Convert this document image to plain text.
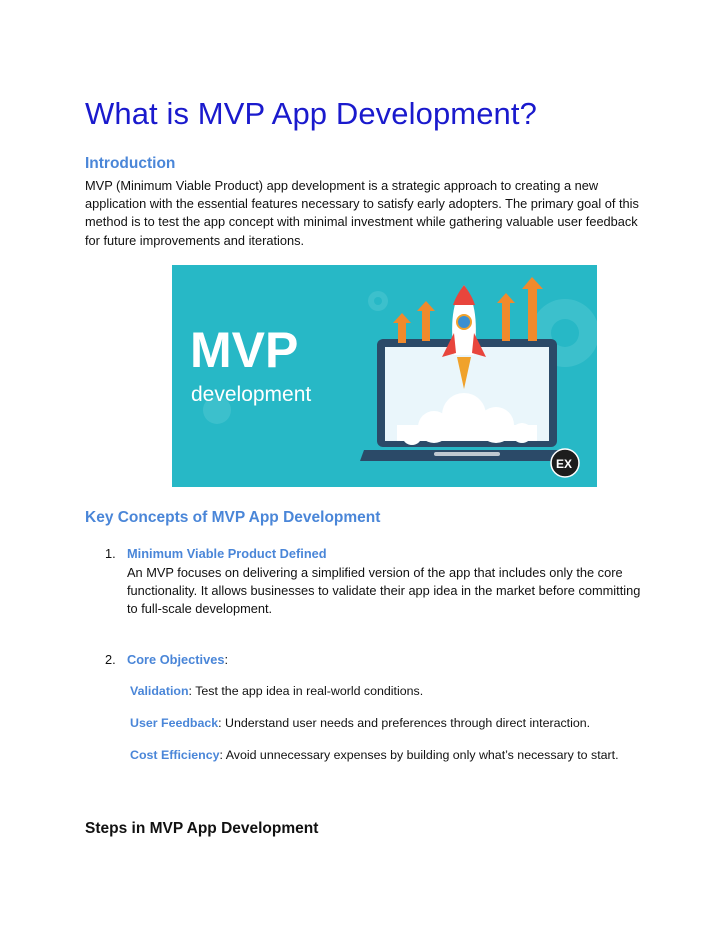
What is MVP App Development?
Introduction
MVP (Minimum Viable Product) app development is a strategic approach to creating a new application with the essential features necessary to satisfy early adopters. The primary goal of this method is to test the app concept with minimal investment while gathering valuable user feedback for future improvements and iterations.
MVP
development
EX
Key Concepts of MVP App Development
1. Minimum Viable Product Defined
An MVP focuses on delivering a simplified version of the app that includes only the core functionality. It allows businesses to validate their app idea in the market before committing to full-scale development.
2. Core Objectives:
Validation: Test the app idea in real-world conditions.
User Feedback: Understand user needs and preferences through direct interaction.
Cost Efficiency: Avoid unnecessary expenses by building only what’s necessary to start.
Steps in MVP App Development
